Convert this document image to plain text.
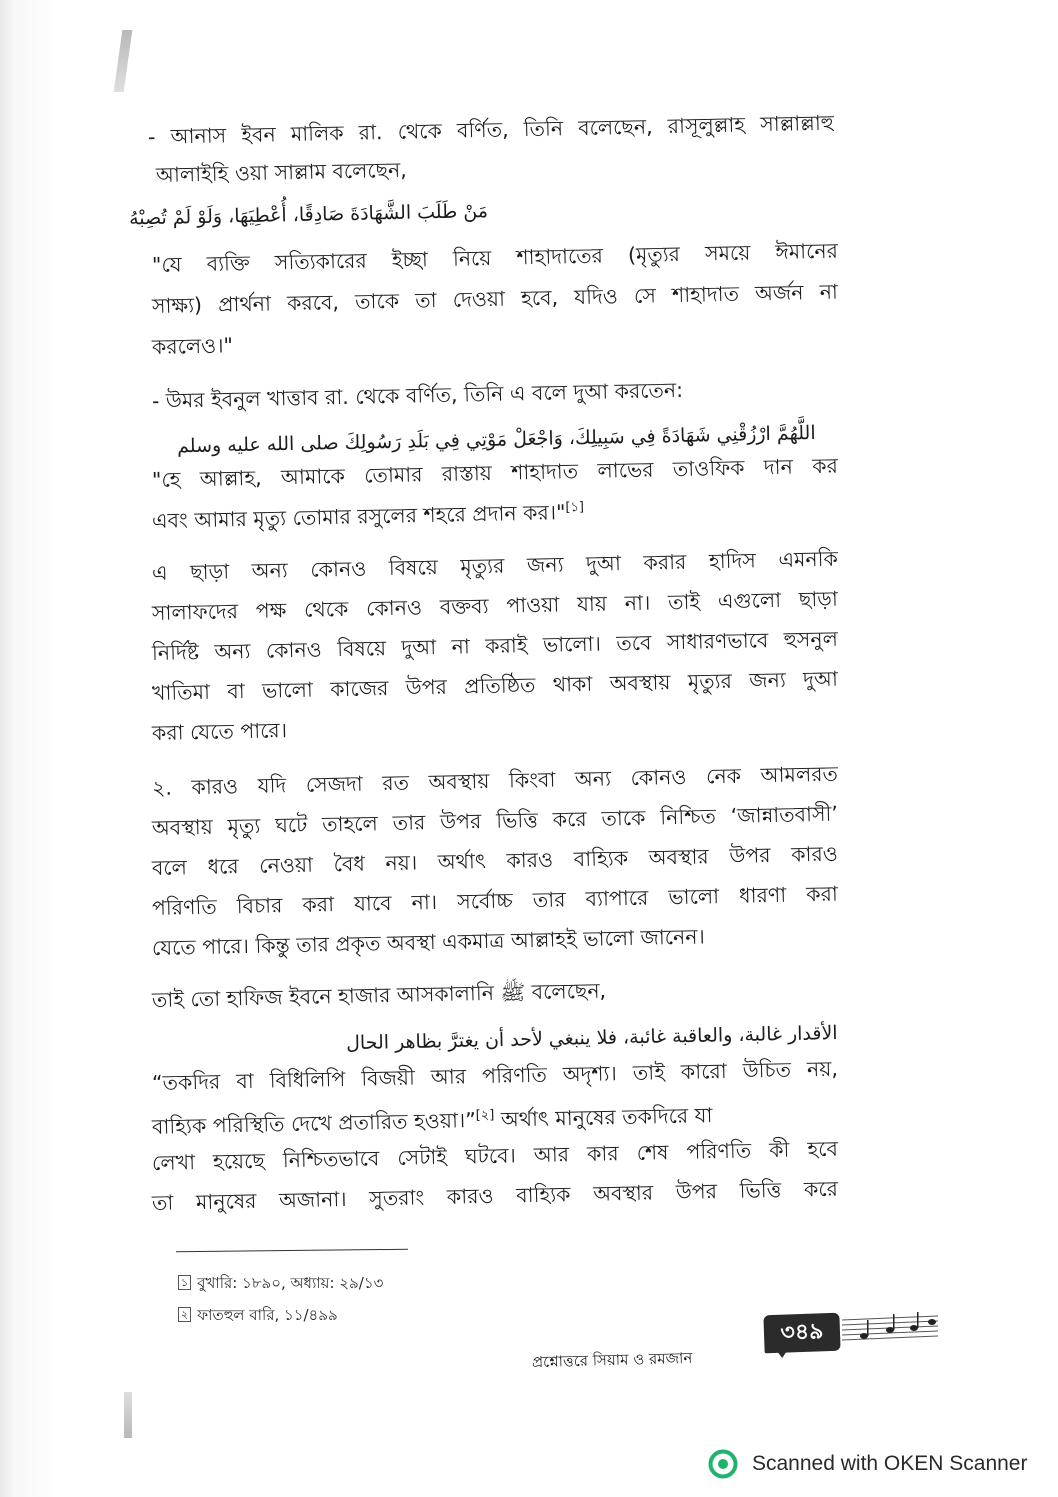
- আনাস ইবন মালিক রা. থেকে বর্ণিত, তিনি বলেছেন, রাসূলুল্লাহ সাল্লাল্লাহু
আলাইহি ওয়া সাল্লাম বলেছেন,
مَنْ طَلَبَ الشَّهَادَةَ صَادِقًا، أُعْطِيَهَا، وَلَوْ لَمْ تُصِبْهُ
"যে ব্যক্তি সত্যিকারের ইচ্ছা নিয়ে শাহাদাতের (মৃত্যুর সময়ে ঈমানের
সাক্ষ্য) প্রার্থনা করবে, তাকে তা দেওয়া হবে, যদিও সে শাহাদাত অর্জন না
করলেও।"
- উমর ইবনুল খাত্তাব রা. থেকে বর্ণিত, তিনি এ বলে দুআ করতেন:
اللَّهُمَّ ارْزُقْنِي شَهَادَةً فِي سَبِيلِكَ، وَاجْعَلْ مَوْتِي فِي بَلَدِ رَسُولِكَ صلى الله عليه وسلم
"হে আল্লাহ, আমাকে তোমার রাস্তায় শাহাদাত লাভের তাওফিক দান কর
এবং আমার মৃত্যু তোমার রসুলের শহরে প্রদান কর।"[১]
এ ছাড়া অন্য কোনও বিষয়ে মৃত্যুর জন্য দুআ করার হাদিস এমনকি
সালাফদের পক্ষ থেকে কোনও বক্তব্য পাওয়া যায় না। তাই এগুলো ছাড়া
নির্দিষ্ট অন্য কোনও বিষয়ে দুআ না করাই ভালো। তবে সাধারণভাবে হুসনুল
খাতিমা বা ভালো কাজের উপর প্রতিষ্ঠিত থাকা অবস্থায় মৃত্যুর জন্য দুআ
করা যেতে পারে।
২. কারও যদি সেজদা রত অবস্থায় কিংবা অন্য কোনও নেক আমলরত
অবস্থায় মৃত্যু ঘটে তাহলে তার উপর ভিত্তি করে তাকে নিশ্চিত ‘জান্নাতবাসী’
বলে ধরে নেওয়া বৈধ নয়। অর্থাৎ কারও বাহ্যিক অবস্থার উপর কারও
পরিণতি বিচার করা যাবে না। সর্বোচ্চ তার ব্যাপারে ভালো ধারণা করা
যেতে পারে। কিন্তু তার প্রকৃত অবস্থা একমাত্র আল্লাহই ভালো জানেন।
তাই তো হাফিজ ইবনে হাজার আসকালানি ﷺ বলেছেন,
الأقدار غالبة، والعاقبة غائبة، فلا ينبغي لأحد أن يغترَّ بظاهر الحال
“তকদির বা বিধিলিপি বিজয়ী আর পরিণতি অদৃশ্য। তাই কারো উচিত নয়,
বাহ্যিক পরিস্থিতি দেখে প্রতারিত হওয়া।”[২] অর্থাৎ মানুষের তকদিরে যা
লেখা হয়েছে নিশ্চিতভাবে সেটাই ঘটবে। আর কার শেষ পরিণতি কী হবে
তা মানুষের অজানা। সুতরাং কারও বাহ্যিক অবস্থার উপর ভিত্তি করে
১ বুখারি: ১৮৯০, অধ্যায়: ২৯/১৩
২ ফাতহুল বারি, ১১/৪৯৯
প্রশ্নোত্তরে সিয়াম ও রমজান
৩৪৯
Scanned with OKEN Scanner
